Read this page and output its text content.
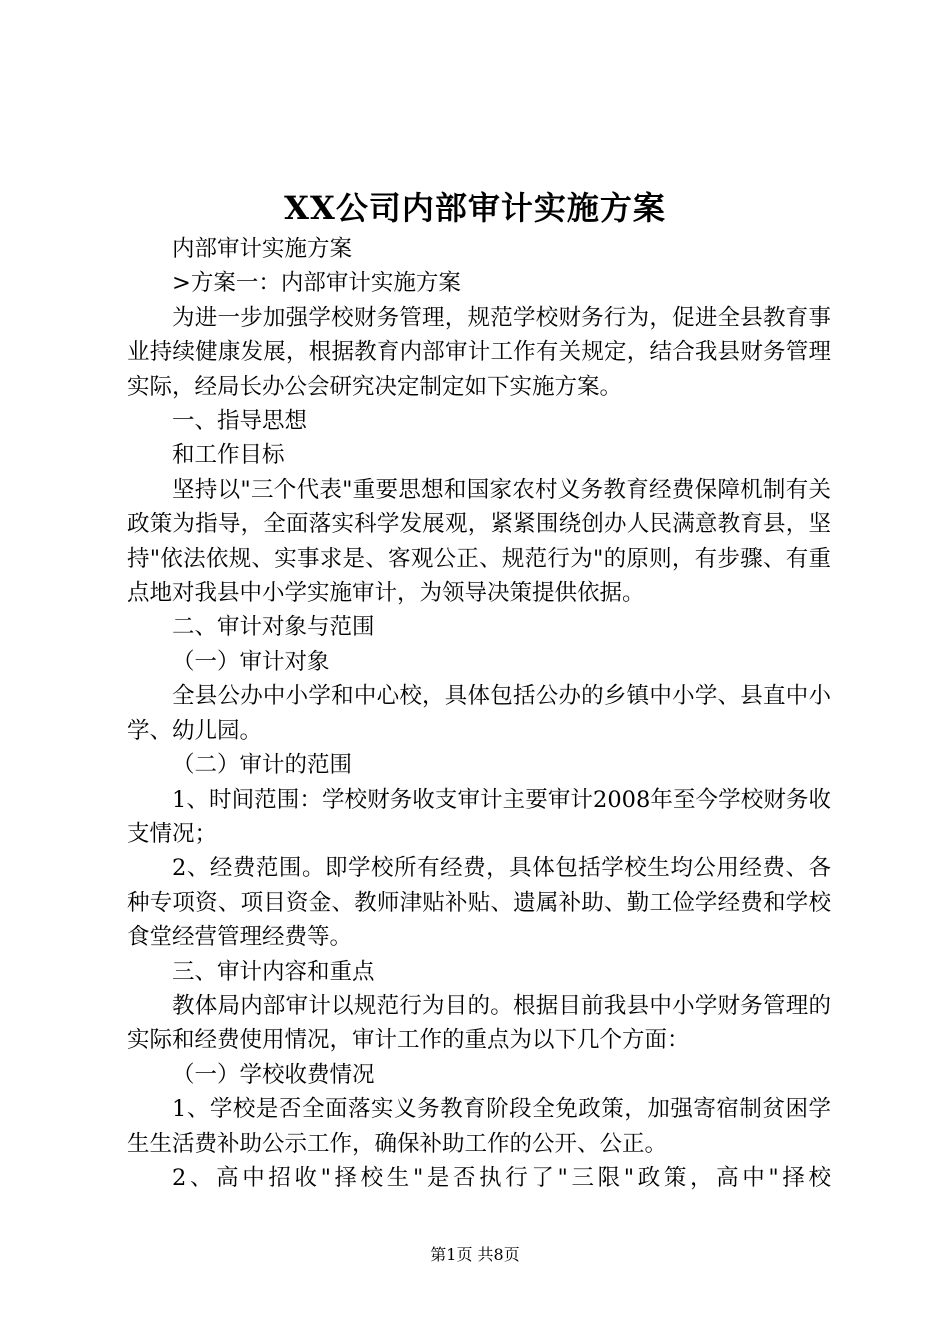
XX公司内部审计实施方案

内部审计实施方案

>方案一：内部审计实施方案

为进一步加强学校财务管理，规范学校财务行为，促进全县教育事业持续健康发展，根据教育内部审计工作有关规定，结合我县财务管理实际，经局长办公会研究决定制定如下实施方案。

一、指导思想

和工作目标

坚持以"三个代表"重要思想和国家农村义务教育经费保障机制有关政策为指导，全面落实科学发展观，紧紧围绕创办人民满意教育县，坚持"依法依规、实事求是、客观公正、规范行为"的原则，有步骤、有重点地对我县中小学实施审计，为领导决策提供依据。

二、审计对象与范围

（一）审计对象

全县公办中小学和中心校，具体包括公办的乡镇中小学、县直中小学、幼儿园。

（二）审计的范围

1、时间范围：学校财务收支审计主要审计2008年至今学校财务收支情况；

2、经费范围。即学校所有经费，具体包括学校生均公用经费、各种专项资、项目资金、教师津贴补贴、遗属补助、勤工俭学经费和学校食堂经营管理经费等。

三、审计内容和重点

教体局内部审计以规范行为目的。根据目前我县中小学财务管理的实际和经费使用情况，审计工作的重点为以下几个方面：

（一）学校收费情况

1、学校是否全面落实义务教育阶段全免政策，加强寄宿制贫困学生生活费补助公示工作，确保补助工作的公开、公正。

2、高中招收"择校生"是否执行了"三限"政策，高中"择校

第1页 共8页
